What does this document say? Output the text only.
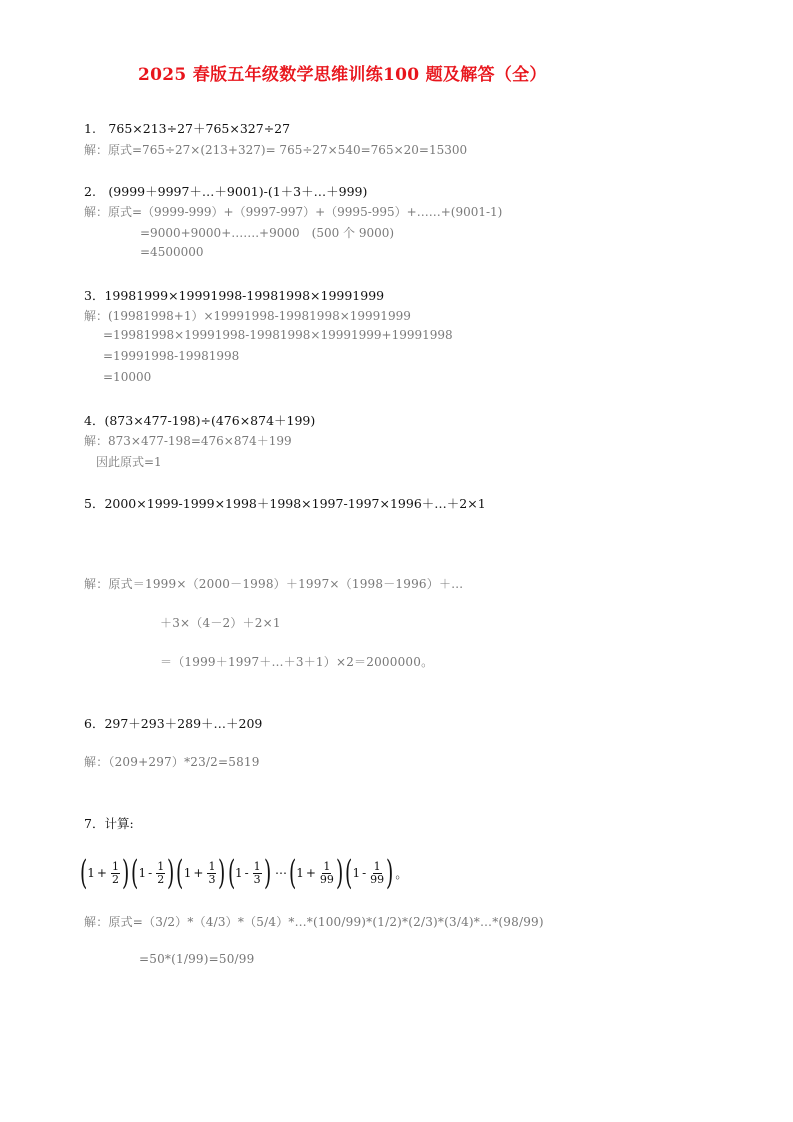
2025 春版五年级数学思维训练100 题及解答（全）
1.　765×213÷27＋765×327÷27
解：原式=765÷27×(213+327)= 765÷27×540=765×20=15300
2.　(9999＋9997＋…＋9001)-(1＋3＋…＋999)
解：原式=（9999-999）+（9997-997）+（9995-995）+……+(9001-1)
=9000+9000+…….+9000　(500 个 9000)
=4500000
3．19981999×19991998-19981998×19991999
解：(19981998+1）×19991998-19981998×19991999
=19981998×19991998-19981998×19991999+19991998
=19991998-19981998
=10000
4．(873×477-198)÷(476×874＋199)
解：873×477-198=476×874＋199
因此原式=1
5．2000×1999-1999×1998＋1998×1997-1997×1996＋…＋2×1
解：原式＝1999×（2000－1998）＋1997×（1998－1996）＋…
＋3×（4－2）＋2×1
＝（1999＋1997＋…＋3＋1）×2＝2000000。
6．297＋293＋289＋…＋209
解：（209+297）*23/2=5819
7．计算:
( $1 + \frac{1}{2}$ ) ( $1 - \frac{1}{2}$ ) ( $1 + \frac{1}{3}$ ) ( $1 - \frac{1}{3}$ ) ⋯ ( $1 + \frac{1}{99}$ ) ( $1 - \frac{1}{99}$ ) 。
解：原式=（3/2）*（4/3）*（5/4）*…*(100/99)*(1/2)*(2/3)*(3/4)*…*(98/99)
=50*(1/99)=50/99
